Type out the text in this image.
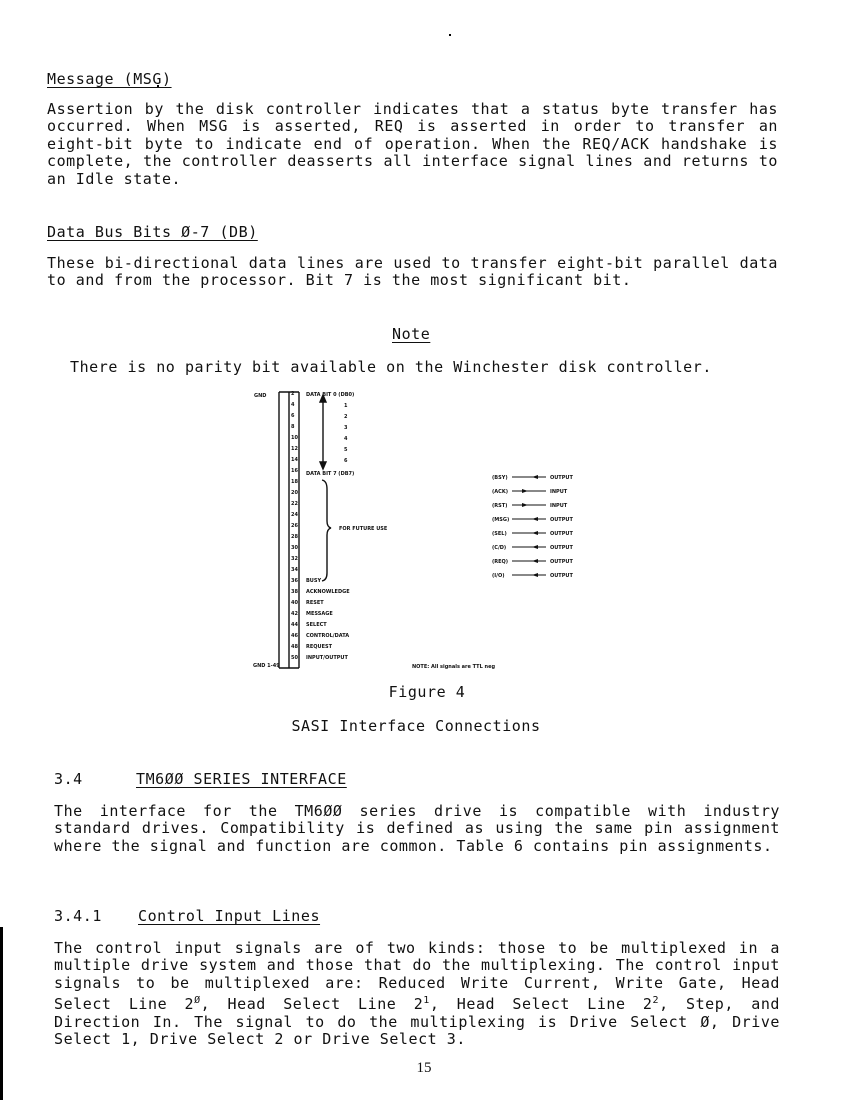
Message (MSG)
Assertion by the disk controller indicates that a status byte transfer has occurred. When MSG is asserted, REQ is asserted in order to transfer an eight-bit byte to indicate end of operation. When the REQ/ACK handshake is complete, the controller deasserts all interface signal lines and returns to an Idle state.
Data Bus Bits Ø-7 (DB)
These bi-directional data lines are used to transfer eight-bit parallel data to and from the processor. Bit 7 is the most significant bit.
Note
There is no parity bit available on the Winchester disk controller.
2
4
6
8
10
12
14
16
18
20
22
24
26
28
30
32
34
36
38
40
42
44
46
48
50
1
2
3
4
5
6
BUSY
ACKNOWLEDGE
RESET
MESSAGE
SELECT
CONTROL/DATA
REQUEST
INPUT/OUTPUT
(BSY)	OUTPUT
(ACK)	INPUT
(RST)	INPUT
(MSG)	OUTPUT
(SEL)	OUTPUT
(C/D)	OUTPUT
(REQ)	OUTPUT
(I/O)	OUTPUT
GND
GND 1-49
DATA BIT 0 (DB0)
DATA BIT 7 (DB7)
FOR FUTURE USE
NOTE: All signals are TTL neg
Figure 4
SASI Interface Connections
3.4	TM6ØØ SERIES INTERFACE
The interface for the TM6ØØ series drive is compatible with industry standard drives. Compatibility is defined as using the same pin assignment where the signal and function are common. Table 6 contains pin assignments.
3.4.1 Control Input Lines
The control input signals are of two kinds: those to be multiplexed in a multiple drive system and those that do the multiplexing. The control input signals to be multiplexed are: Reduced Write Current, Write Gate, Head Select Line $2^Ø$, Head Select Line $2^1$, Head Select Line $2^2$, Step, and Direction In. The signal to do the multiplexing is Drive Select Ø, Drive Select 1, Drive Select 2 or Drive Select 3.
15
